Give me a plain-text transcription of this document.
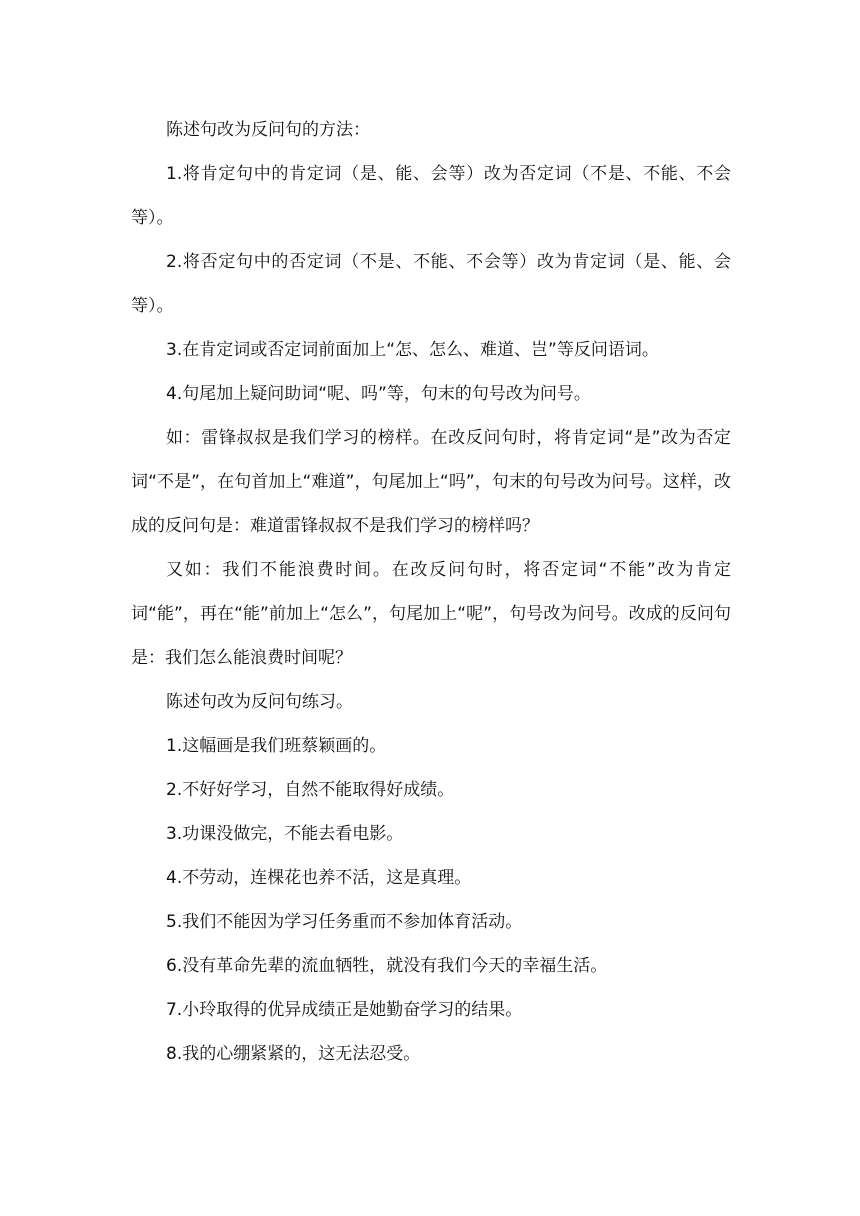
陈述句改为反问句的方法：

1.将肯定句中的肯定词（是、能、会等）改为否定词（不是、不能、不会等）。

2.将否定句中的否定词（不是、不能、不会等）改为肯定词（是、能、会等）。

3.在肯定词或否定词前面加上“怎、怎么、难道、岂”等反问语词。

4.句尾加上疑问助词“呢、吗”等，句末的句号改为问号。

如：雷锋叔叔是我们学习的榜样。在改反问句时，将肯定词“是”改为否定词“不是”，在句首加上“难道”，句尾加上“吗”，句末的句号改为问号。这样，改成的反问句是：难道雷锋叔叔不是我们学习的榜样吗？

又如：我们不能浪费时间。在改反问句时，将否定词“不能”改为肯定词“能”，再在“能”前加上“怎么”，句尾加上“呢”，句号改为问号。改成的反问句是：我们怎么能浪费时间呢？

陈述句改为反问句练习。

1.这幅画是我们班蔡颖画的。

2.不好好学习，自然不能取得好成绩。

3.功课没做完，不能去看电影。

4.不劳动，连棵花也养不活，这是真理。

5.我们不能因为学习任务重而不参加体育活动。

6.没有革命先辈的流血牺牲，就没有我们今天的幸福生活。

7.小玲取得的优异成绩正是她勤奋学习的结果。

8.我的心绷紧紧的，这无法忍受。
